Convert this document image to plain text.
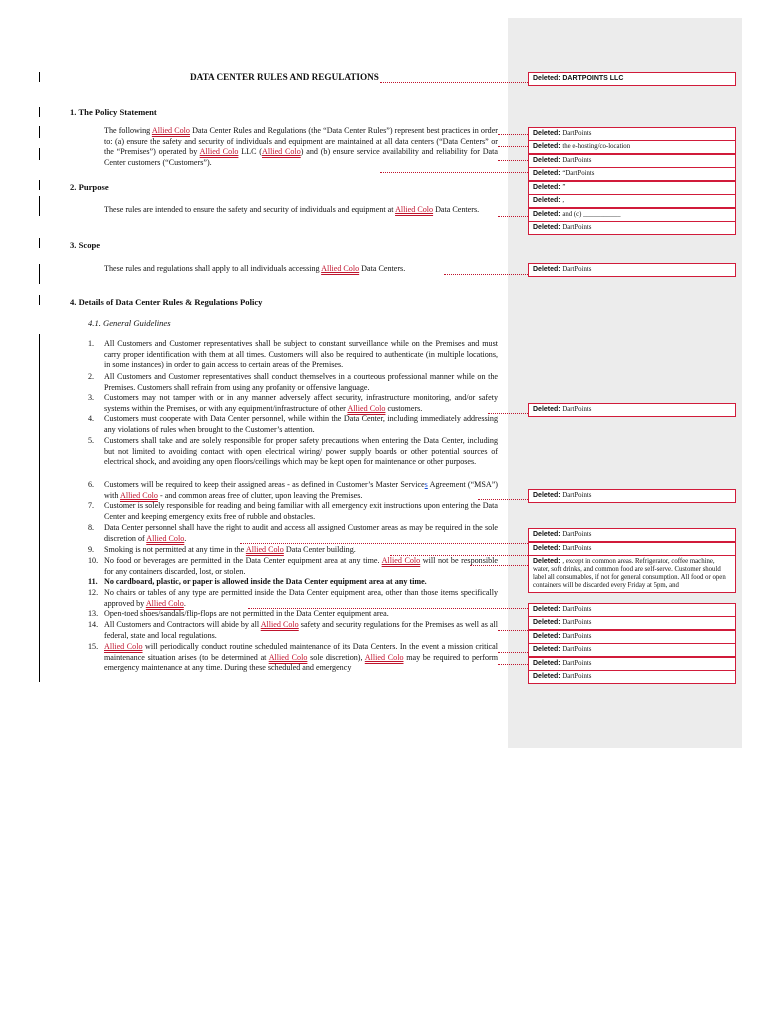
DATA CENTER RULES AND REGULATIONS
1. The Policy Statement
The following Allied Colo Data Center Rules and Regulations (the “Data Center Rules”) represent best practices in order to: (a) ensure the safety and security of individuals and equipment are maintained at all data centers (“Data Centers” or the “Premises”) operated by Allied Colo LLC (Allied Colo) and (b) ensure service availability and reliability for Data Center customers (“Customers”).
2. Purpose
These rules are intended to ensure the safety and security of individuals and equipment at Allied Colo Data Centers.
3. Scope
These rules and regulations shall apply to all individuals accessing Allied Colo Data Centers.
4. Details of Data Center Rules & Regulations Policy
4.1. General Guidelines
1. All Customers and Customer representatives shall be subject to constant surveillance while on the Premises and must carry proper identification with them at all times. Customers will also be required to authenticate (in multiple locations, in some instances) in order to gain access to certain areas of the Premises.
2. All Customers and Customer representatives shall conduct themselves in a courteous professional manner while on the Premises. Customers shall refrain from using any profanity or offensive language.
3. Customers may not tamper with or in any manner adversely affect security, infrastructure monitoring, and/or safety systems within the Premises, or with any equipment/infrastructure of other Allied Colo customers.
4. Customers must cooperate with Data Center personnel, while within the Data Center, including immediately addressing any violations of rules when brought to the Customer’s attention.
5. Customers shall take and are solely responsible for proper safety precautions when entering the Data Center, including but not limited to avoiding contact with open electrical wiring/ power supply boards or other potential sources of electrical shock, and avoiding any open floors/ceilings which may be kept open for maintenance or other purposes.
6. Customers will be required to keep their assigned areas - as defined in Customer’s Master Services Agreement (“MSA”) with Allied Colo - and common areas free of clutter, upon leaving the Premises.
7. Customer is solely responsible for reading and being familiar with all emergency exit instructions upon entering the Data Center and keeping emergency exits free of rubble and obstacles.
8. Data Center personnel shall have the right to audit and access all assigned Customer areas as may be required in the sole discretion of Allied Colo.
9. Smoking is not permitted at any time in the Allied Colo Data Center building.
10. No food or beverages are permitted in the Data Center equipment area at any time. Allied Colo will not be responsible for any containers discarded, lost, or stolen.
11. No cardboard, plastic, or paper is allowed inside the Data Center equipment area at any time.
12. No chairs or tables of any type are permitted inside the Data Center equipment area, other than those items specifically approved by Allied Colo.
13. Open-toed shoes/sandals/flip-flops are not permitted in the Data Center equipment area.
14. All Customers and Contractors will abide by all Allied Colo safety and security regulations for the Premises as well as all federal, state and local regulations.
15. Allied Colo will periodically conduct routine scheduled maintenance of its Data Centers. In the event a mission critical maintenance situation arises (to be determined at Allied Colo sole discretion), Allied Colo may be required to perform emergency maintenance at any time. During these scheduled and emergency
Deleted: DARTPOINTS LLC
Deleted: DartPoints
Deleted: the e-hosting/co-location
Deleted: DartPoints
Deleted: “DartPoints
Deleted: ”
Deleted: ,
Deleted: and (c) ___________
Deleted: DartPoints
Deleted: DartPoints
Deleted: DartPoints
Deleted: DartPoints
Deleted: DartPoints
Deleted: DartPoints
Deleted: , except in common areas. Refrigerator, coffee machine, water, soft drinks, and common food are self-serve. Customer should label all consumables, if not for general consumption. All food or open containers will be discarded every Friday at 5pm, and
Deleted: DartPoints
Deleted: DartPoints
Deleted: DartPoints
Deleted: DartPoints
Deleted: DartPoints
Deleted: DartPoints
